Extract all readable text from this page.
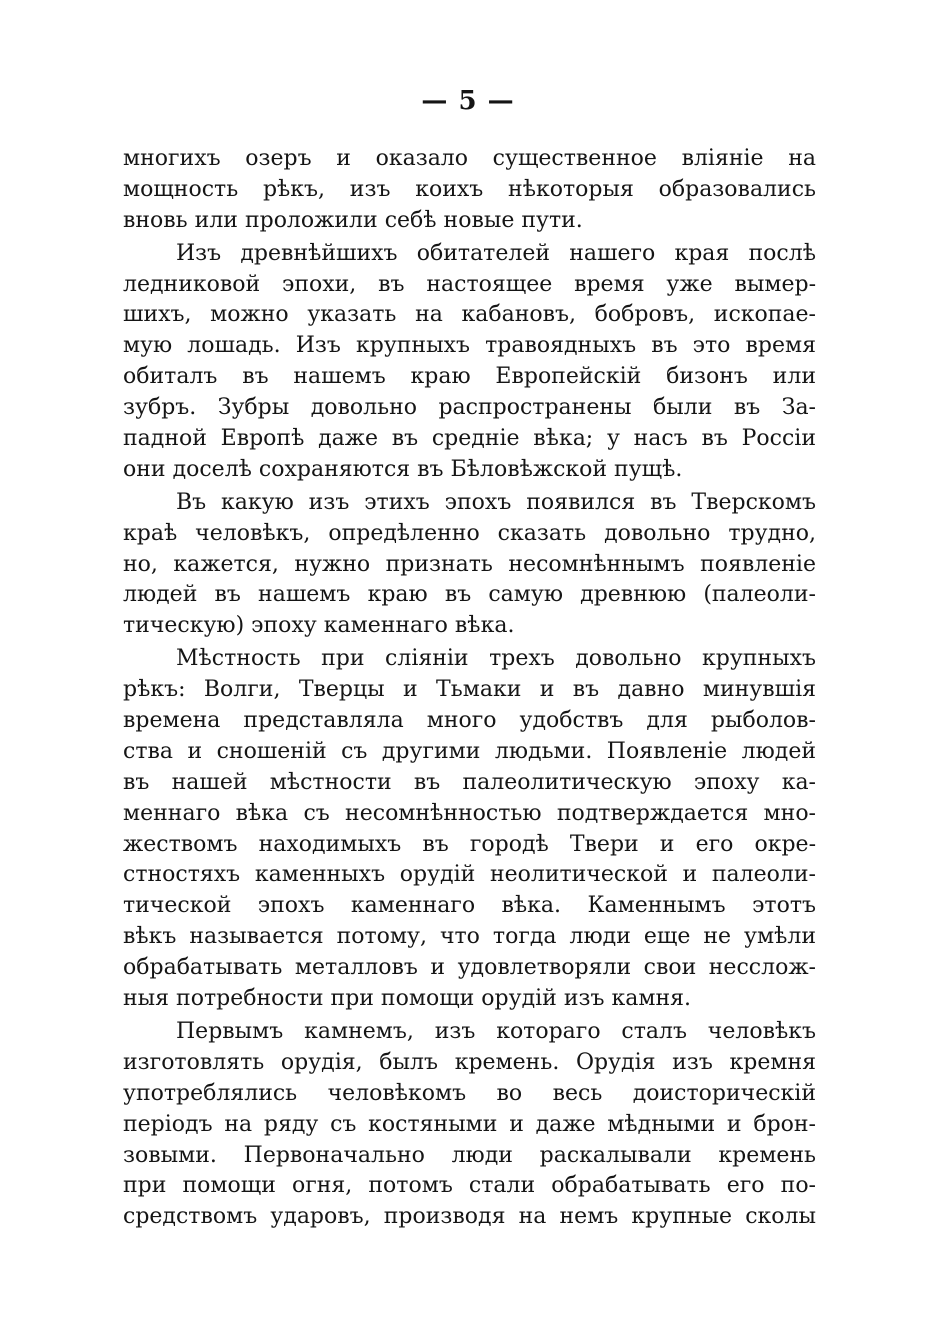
— 5 —
многихъ озеръ и оказало существенное вліяніе на
мощность рѣкъ, изъ коихъ нѣкоторыя образовались
вновь или проложили себѣ новые пути.
Изъ древнѣйшихъ обитателей нашего края послѣ
ледниковой эпохи, въ настоящее время уже вымер-
шихъ, можно указать на кабановъ, бобровъ, ископае-
мую лошадь. Изъ крупныхъ травоядныхъ въ это время
обиталъ въ нашемъ краю Европейскій бизонъ или
зубръ. Зубры довольно распространены были въ За-
падной Европѣ даже въ средніе вѣка; у насъ въ Россіи
они доселѣ сохраняются въ Бѣловѣжской пущѣ.
Въ какую изъ этихъ эпохъ появился въ Тверскомъ
краѣ человѣкъ, опредѣленно сказать довольно трудно,
но, кажется, нужно признать несомнѣннымъ появленіе
людей въ нашемъ краю въ самую древнюю (палеоли-
тическую) эпоху каменнаго вѣка.
Мѣстность при сліяніи трехъ довольно крупныхъ
рѣкъ: Волги, Тверцы и Тьмаки и въ давно минувшія
времена представляла много удобствъ для рыболов-
ства и сношеній съ другими людьми. Появленіе людей
въ нашей мѣстности въ палеолитическую эпоху ка-
меннаго вѣка съ несомнѣнностью подтверждается мно-
жествомъ находимыхъ въ городѣ Твери и его окре-
стностяхъ каменныхъ орудій неолитической и палеоли-
тической эпохъ каменнаго вѣка. Каменнымъ этотъ
вѣкъ называется потому, что тогда люди еще не умѣли
обрабатывать металловъ и удовлетворяли свои несслож-
ныя потребности при помощи орудій изъ камня.
Первымъ камнемъ, изъ котораго сталъ человѣкъ
изготовлять орудія, былъ кремень. Орудія изъ кремня
употреблялись человѣкомъ во весь доисторическій
періодъ на ряду съ костяными и даже мѣдными и брон-
зовыми. Первоначально люди раскалывали кремень
при помощи огня, потомъ стали обрабатывать его по-
средствомъ ударовъ, производя на немъ крупные сколы
